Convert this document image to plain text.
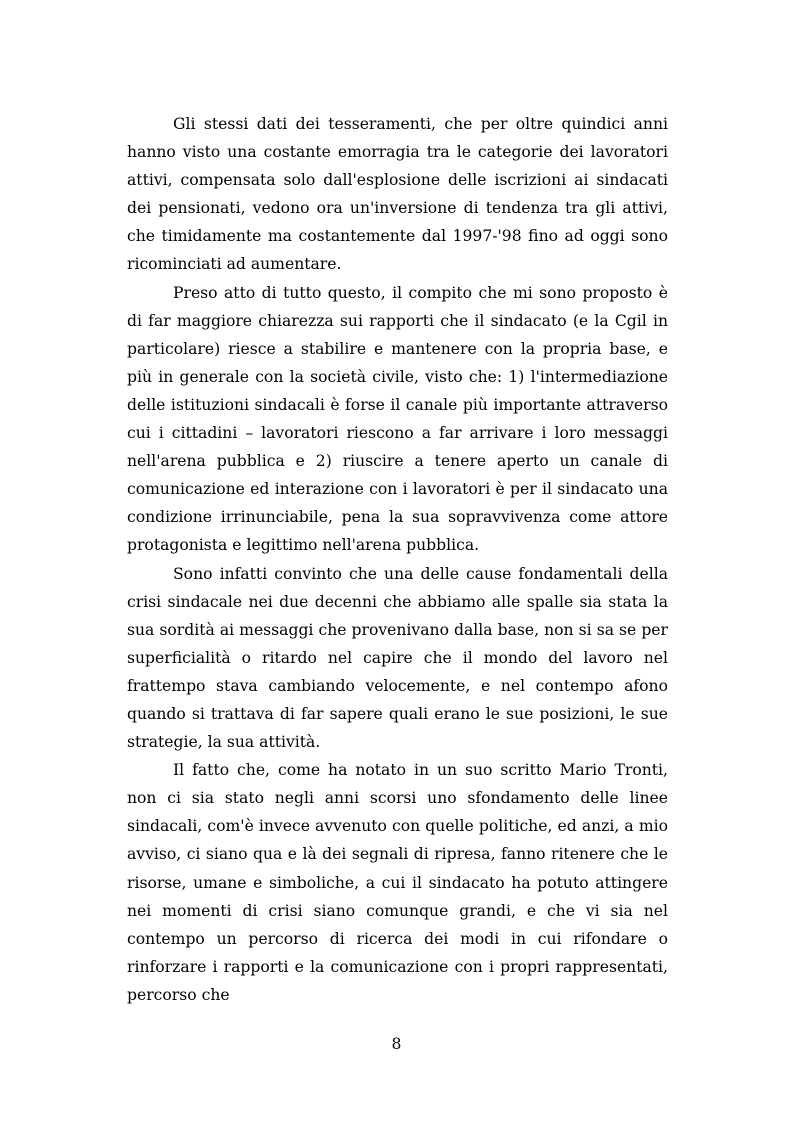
Gli stessi dati dei tesseramenti, che per oltre quindici anni hanno visto una costante emorragia tra le categorie dei lavoratori attivi, compensata solo dall'esplosione delle iscrizioni ai sindacati dei pensionati, vedono ora un'inversione di tendenza tra gli attivi, che timidamente ma costantemente dal 1997-'98 fino ad oggi sono ricominciati ad aumentare.

Preso atto di tutto questo, il compito che mi sono proposto è di far maggiore chiarezza sui rapporti che il sindacato (e la Cgil in particolare) riesce a stabilire e mantenere con la propria base, e più in generale con la società civile, visto che: 1) l'intermediazione delle istituzioni sindacali è forse il canale più importante attraverso cui i cittadini – lavoratori riescono a far arrivare i loro messaggi nell'arena pubblica e 2) riuscire a tenere aperto un canale di comunicazione ed interazione con i lavoratori è per il sindacato una condizione irrinunciabile, pena la sua sopravvivenza come attore protagonista e legittimo nell'arena pubblica.

Sono infatti convinto che una delle cause fondamentali della crisi sindacale nei due decenni che abbiamo alle spalle sia stata la sua sordità ai messaggi che provenivano dalla base, non si sa se per superficialità o ritardo nel capire che il mondo del lavoro nel frattempo stava cambiando velocemente, e nel contempo afono quando si trattava di far sapere quali erano le sue posizioni, le sue strategie, la sua attività.

Il fatto che, come ha notato in un suo scritto Mario Tronti, non ci sia stato negli anni scorsi uno sfondamento delle linee sindacali, com'è invece avvenuto con quelle politiche, ed anzi, a mio avviso, ci siano qua e là dei segnali di ripresa, fanno ritenere che le risorse, umane e simboliche, a cui il sindacato ha potuto attingere nei momenti di crisi siano comunque grandi, e che vi sia nel contempo un percorso di ricerca dei modi in cui rifondare o rinforzare i rapporti e la comunicazione con i propri rappresentati, percorso che

8
